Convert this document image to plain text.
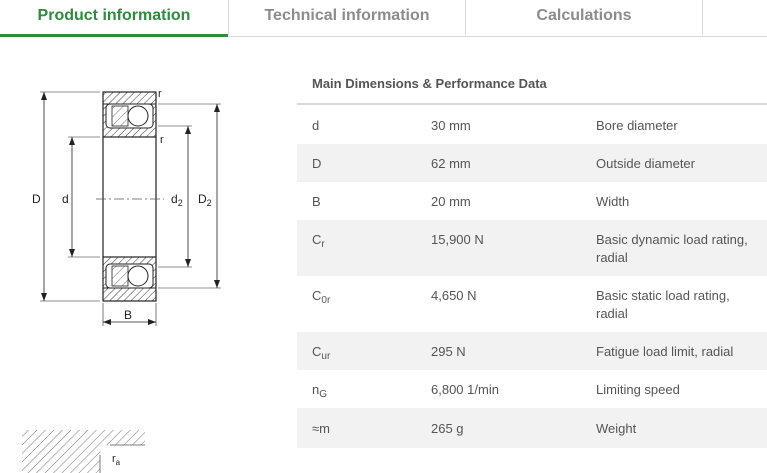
Product information	Technical information	Calculations
D d	$d_2$ $D_2$
B
r
r
$r_a$
Main Dimensions & Performance Data
d	30 mm	Bore diameter
D	62 mm	Outside diameter
B	20 mm	Width
$C_r$	15,900 N	Basic dynamic load rating, radial
$C_{0r}$	4,650 N	Basic static load rating, radial
$C_{ur}$	295 N	Fatigue load limit, radial
$n_G$	6,800 1/min	Limiting speed
≈m	265 g	Weight
